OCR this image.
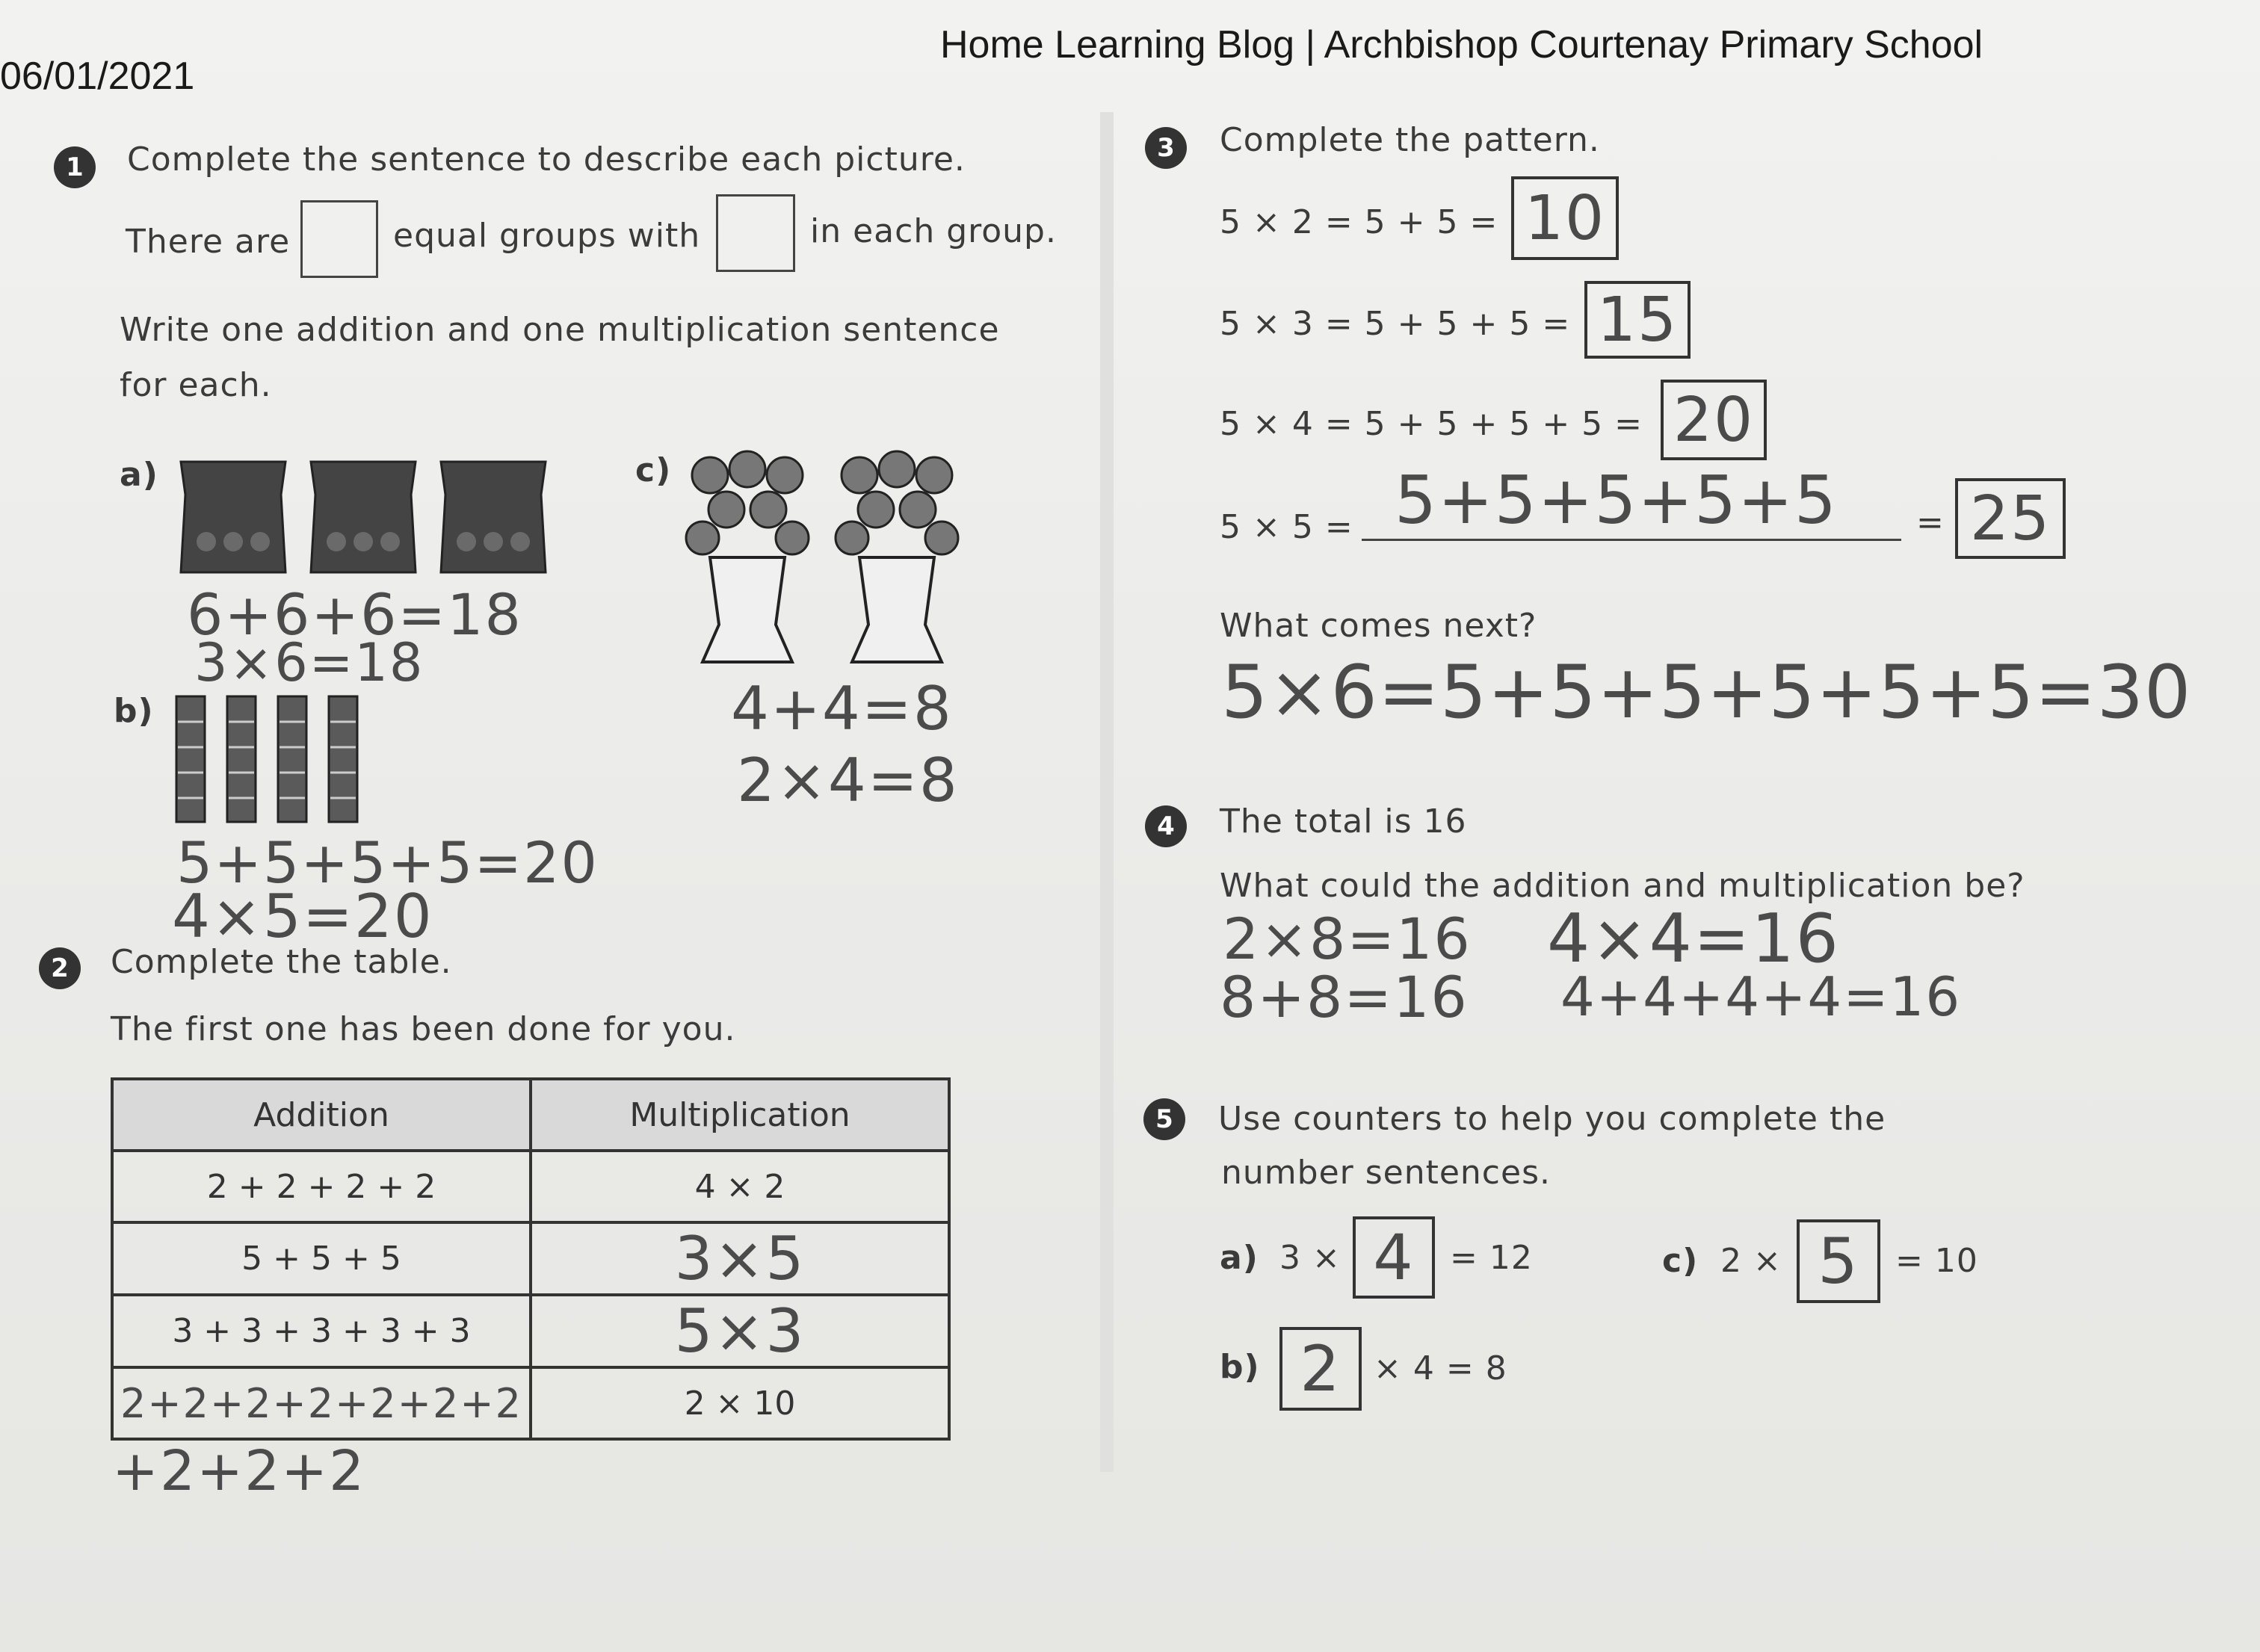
06/01/2021
Home Learning Blog | Archbishop Courtenay Primary School
1	Complete the sentence to describe each picture.
There are	equal groups with	in each group.
Write one addition and one multiplication sentence
for each.
a)
6+6+6=18
3×6=18
b)
5+5+5+5=20
4×5=20
c)
4+4=8
2×4=8
2	Complete the table.
The first one has been done for you.
Addition	Multiplication
2 + 2 + 2 + 2	4 × 2
5 + 5 + 5	3×5
3 + 3 + 3 + 3 + 3	5×3
2+2+2+2+2+2+2	2 × 10
+2+2+2
3	Complete the pattern.
5 × 2 = 5 + 5 = 10
5 × 3 = 5 + 5 + 5 = 15
5 × 4 = 5 + 5 + 5 + 5 = 20
5 × 5 = 5+5+5+5+5 = 25
What comes next?
5×6=5+5+5+5+5+5=30
4	The total is 16
What could the addition and multiplication be?
2×8=16 4×4=16
8+8=16 4+4+4+4=16
5	Use counters to help you complete the
number sentences.
a) 3 × 4	= 12	c) 2 × 5	= 10
b) 2 × 4 = 8
